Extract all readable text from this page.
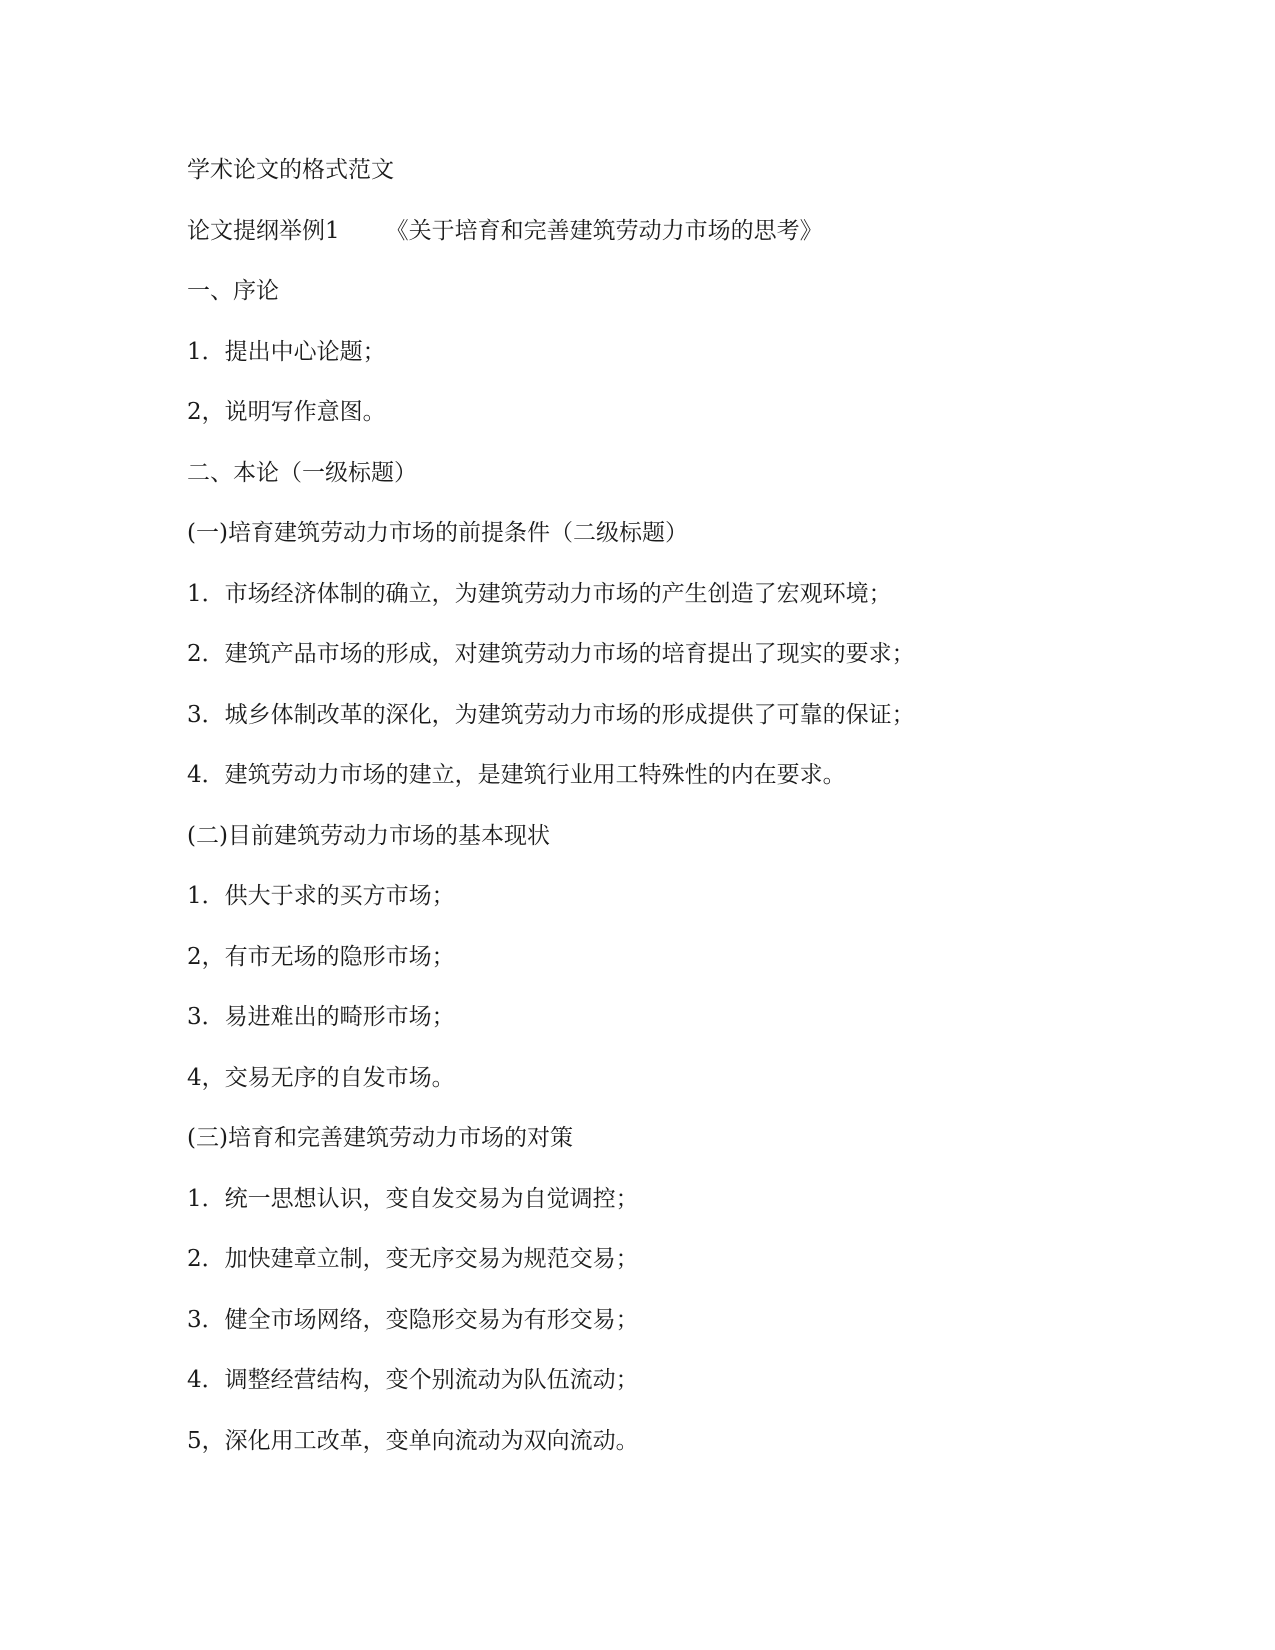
学术论文的格式范文
论文提纲举例1 《关于培育和完善建筑劳动力市场的思考》
一、序论
1．提出中心论题；
2，说明写作意图。
二、本论（一级标题）
(一)培育建筑劳动力市场的前提条件（二级标题）
1．市场经济体制的确立，为建筑劳动力市场的产生创造了宏观环境；
2．建筑产品市场的形成，对建筑劳动力市场的培育提出了现实的要求；
3．城乡体制改革的深化，为建筑劳动力市场的形成提供了可靠的保证；
4．建筑劳动力市场的建立，是建筑行业用工特殊性的内在要求。
(二)目前建筑劳动力市场的基本现状
1．供大于求的买方市场；
2，有市无场的隐形市场；
3．易进难出的畸形市场；
4，交易无序的自发市场。
(三)培育和完善建筑劳动力市场的对策
1．统一思想认识，变自发交易为自觉调控；
2．加快建章立制，变无序交易为规范交易；
3．健全市场网络，变隐形交易为有形交易；
4．调整经营结构，变个别流动为队伍流动；
5，深化用工改革，变单向流动为双向流动。
